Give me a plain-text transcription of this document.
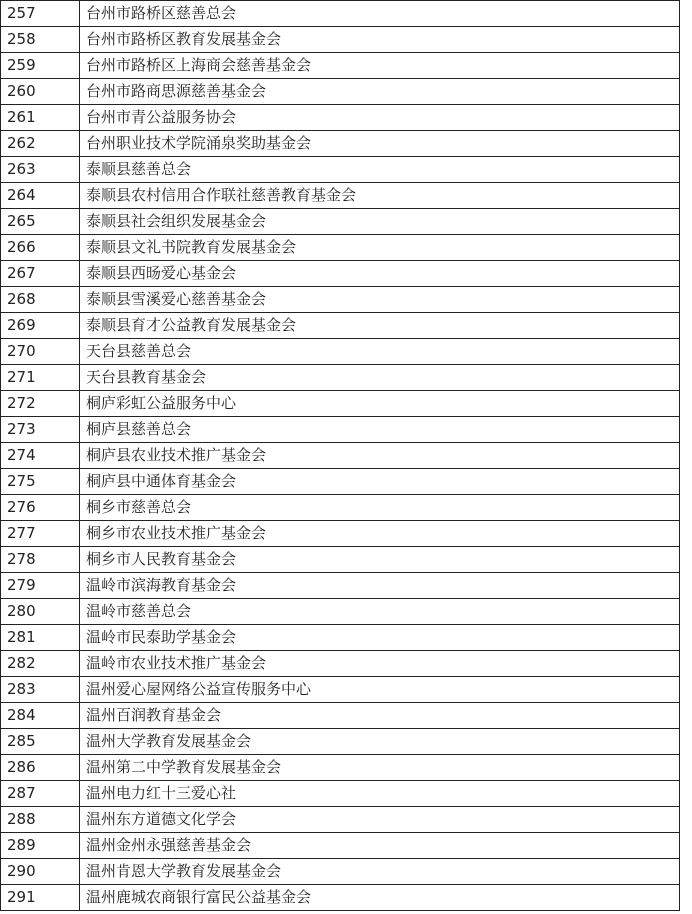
257	台州市路桥区慈善总会
258	台州市路桥区教育发展基金会
259	台州市路桥区上海商会慈善基金会
260	台州市路商思源慈善基金会
261	台州市青公益服务协会
262	台州职业技术学院涌泉奖助基金会
263	泰顺县慈善总会
264	泰顺县农村信用合作联社慈善教育基金会
265	泰顺县社会组织发展基金会
266	泰顺县文礼书院教育发展基金会
267	泰顺县西旸爱心基金会
268	泰顺县雪溪爱心慈善基金会
269	泰顺县育才公益教育发展基金会
270	天台县慈善总会
271	天台县教育基金会
272	桐庐彩虹公益服务中心
273	桐庐县慈善总会
274	桐庐县农业技术推广基金会
275	桐庐县中通体育基金会
276	桐乡市慈善总会
277	桐乡市农业技术推广基金会
278	桐乡市人民教育基金会
279	温岭市滨海教育基金会
280	温岭市慈善总会
281	温岭市民泰助学基金会
282	温岭市农业技术推广基金会
283	温州爱心屋网络公益宣传服务中心
284	温州百润教育基金会
285	温州大学教育发展基金会
286	温州第二中学教育发展基金会
287	温州电力红十三爱心社
288	温州东方道德文化学会
289	温州金州永强慈善基金会
290	温州肯恩大学教育发展基金会
291	温州鹿城农商银行富民公益基金会
